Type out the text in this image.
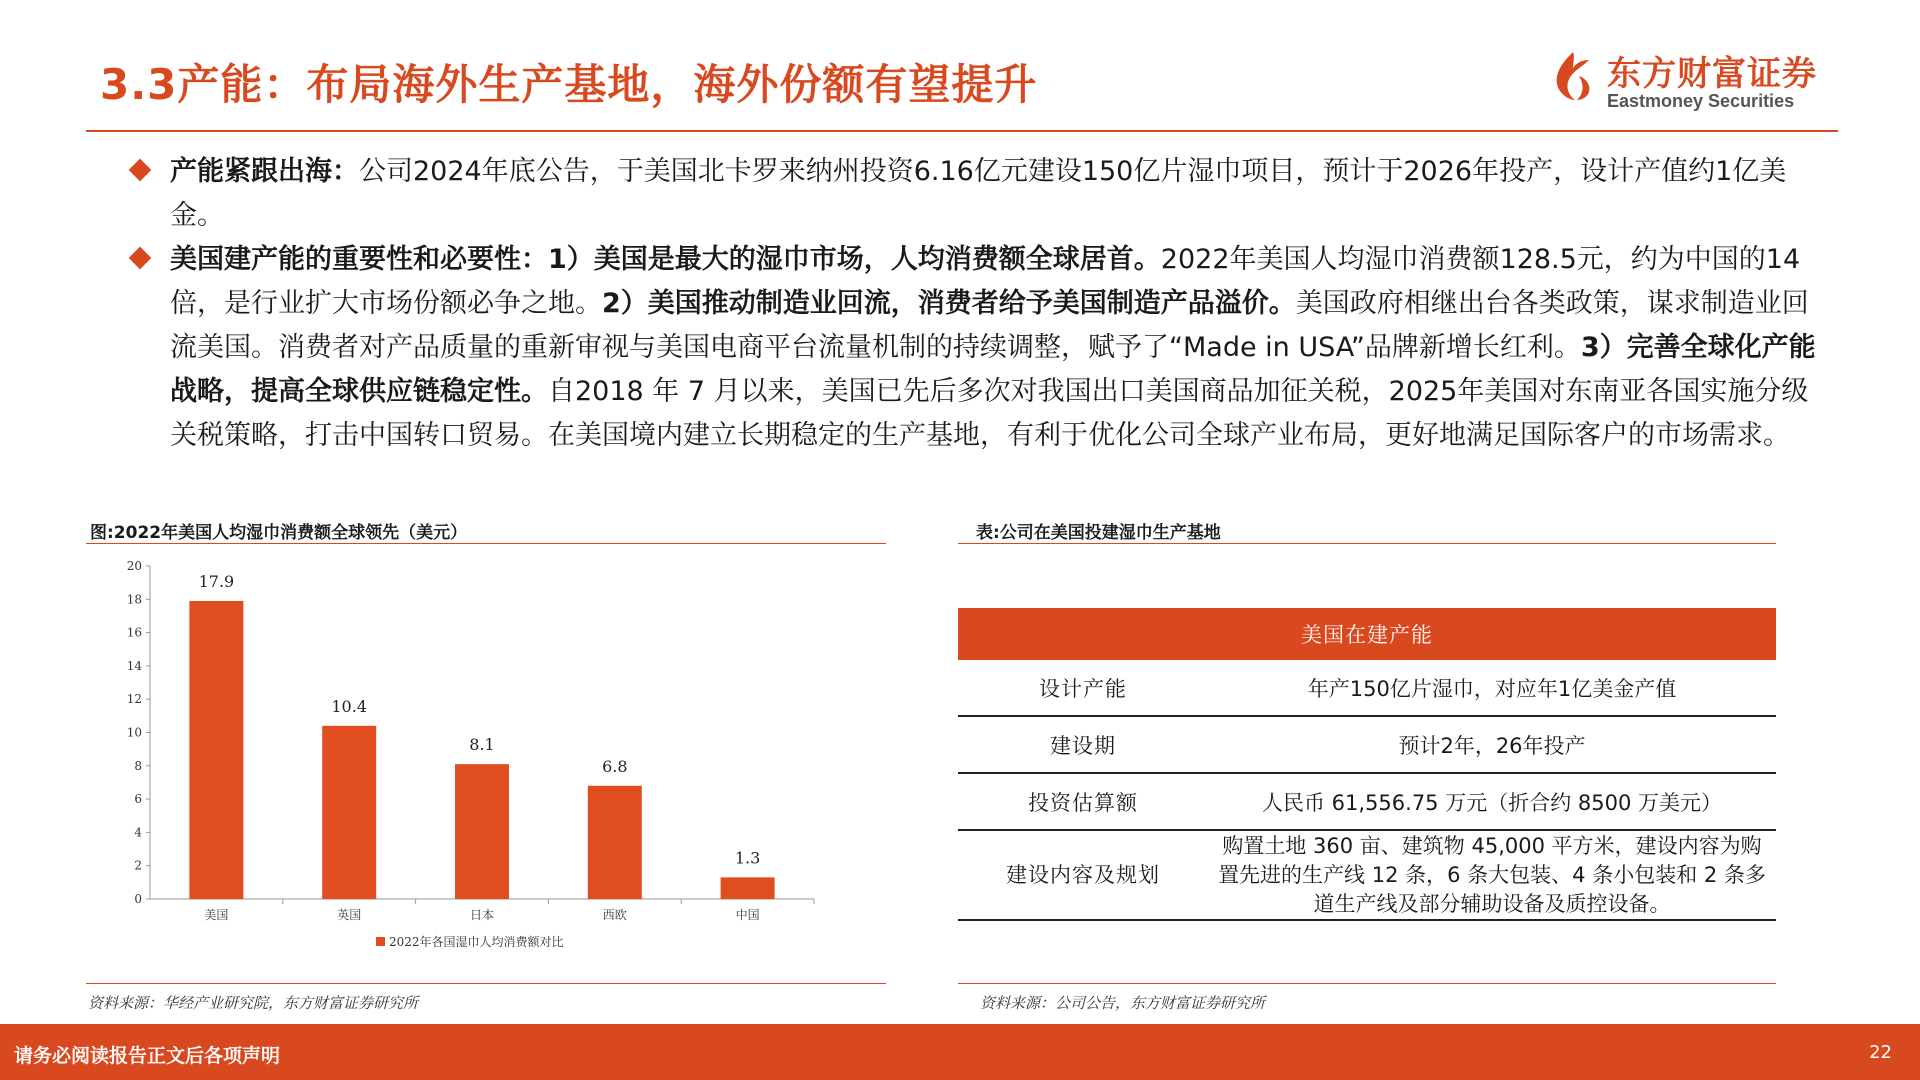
3.3产能：布局海外生产基地，海外份额有望提升	东方财富证券
Eastmoney Securities
产能紧跟出海：公司2024年底公告，于美国北卡罗来纳州投资6.16亿元建设150亿片湿巾项目，预计于2026年投产，设计产值约1亿美金。
美国建产能的重要性和必要性：1）美国是最大的湿巾市场，人均消费额全球居首。2022年美国人均湿巾消费额128.5元，约为中国的14倍，是行业扩大市场份额必争之地。2）美国推动制造业回流，消费者给予美国制造产品溢价。美国政府相继出台各类政策，谋求制造业回流美国。消费者对产品质量的重新审视与美国电商平台流量机制的持续调整，赋予了“Made in USA”品牌新增长红利。3）完善全球化产能战略，提高全球供应链稳定性。自2018 年 7 月以来，美国已先后多次对我国出口美国商品加征关税，2025年美国对东南亚各国实施分级关税策略，打击中国转口贸易。在美国境内建立长期稳定的生产基地，有利于优化公司全球产业布局，更好地满足国际客户的市场需求。
图:2022年美国人均湿巾消费额全球领先（美元）
0
2
4
6
8
10
12
14
16
18
20
17.9
美国
10.4
英国
8.1
日本
6.8
西欧
1.3
中国
2022年各国湿巾人均消费额对比
资料来源：华经产业研究院，东方财富证券研究所
表:公司在美国投建湿巾生产基地
美国在建产能	
设计产能	年产150亿片湿巾，对应年1亿美金产值
建设期	预计2年，26年投产
投资估算额	人民币 61,556.75 万元（折合约 8500 万美元）
建设内容及规划	购置土地 360 亩、建筑物 45,000 平方米，建设内容为购置先进的生产线 12 条，6 条大包装、4 条小包装和 2 条多道生产线及部分辅助设备及质控设备。
资料来源：公司公告，东方财富证券研究所
请务必阅读报告正文后各项声明	22
